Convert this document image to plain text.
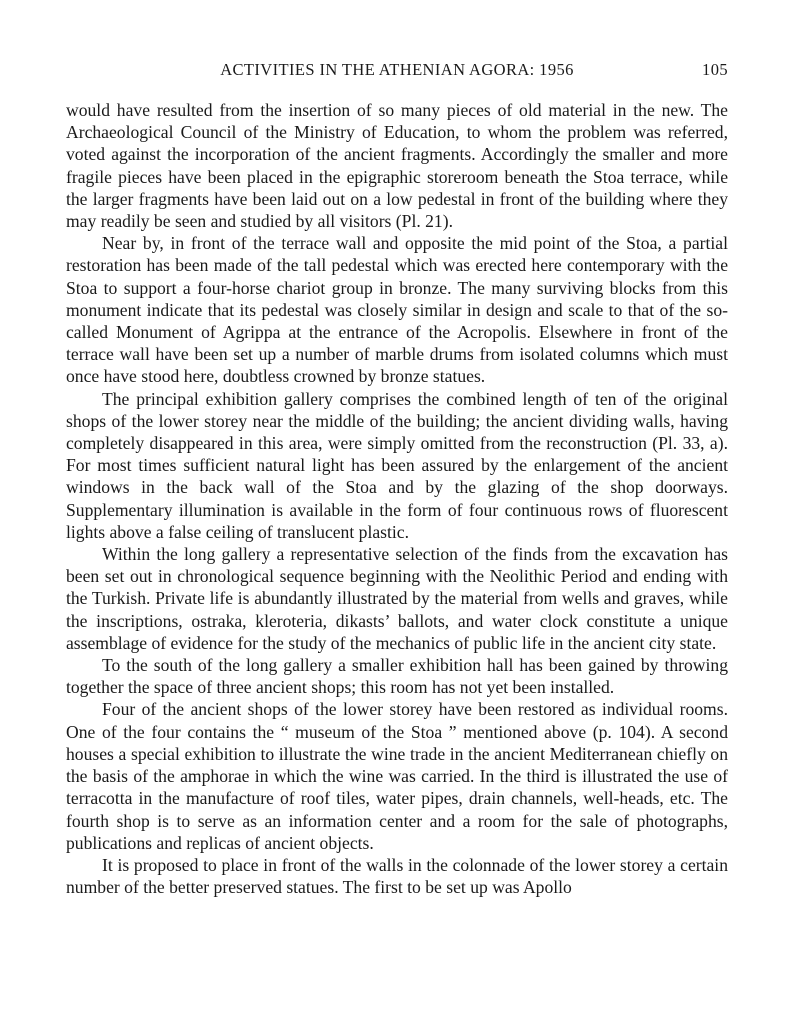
ACTIVITIES IN THE ATHENIAN AGORA: 1956	105

would have resulted from the insertion of so many pieces of old material in the new. The Archaeological Council of the Ministry of Education, to whom the problem was referred, voted against the incorporation of the ancient fragments. Accordingly the smaller and more fragile pieces have been placed in the epigraphic storeroom beneath the Stoa terrace, while the larger fragments have been laid out on a low pedestal in front of the building where they may readily be seen and studied by all visitors (Pl. 21).

Near by, in front of the terrace wall and opposite the mid point of the Stoa, a partial restoration has been made of the tall pedestal which was erected here contemporary with the Stoa to support a four-horse chariot group in bronze. The many surviving blocks from this monument indicate that its pedestal was closely similar in design and scale to that of the so-called Monument of Agrippa at the entrance of the Acropolis. Elsewhere in front of the terrace wall have been set up a number of marble drums from isolated columns which must once have stood here, doubtless crowned by bronze statues.

The principal exhibition gallery comprises the combined length of ten of the original shops of the lower storey near the middle of the building; the ancient dividing walls, having completely disappeared in this area, were simply omitted from the reconstruction (Pl. 33, a). For most times sufficient natural light has been assured by the enlargement of the ancient windows in the back wall of the Stoa and by the glazing of the shop doorways. Supplementary illumination is available in the form of four continuous rows of fluorescent lights above a false ceiling of translucent plastic.

Within the long gallery a representative selection of the finds from the excavation has been set out in chronological sequence beginning with the Neolithic Period and ending with the Turkish. Private life is abundantly illustrated by the material from wells and graves, while the inscriptions, ostraka, kleroteria, dikasts’ ballots, and water clock constitute a unique assemblage of evidence for the study of the mechanics of public life in the ancient city state.

To the south of the long gallery a smaller exhibition hall has been gained by throwing together the space of three ancient shops; this room has not yet been installed.

Four of the ancient shops of the lower storey have been restored as individual rooms. One of the four contains the “ museum of the Stoa ” mentioned above (p. 104). A second houses a special exhibition to illustrate the wine trade in the ancient Mediterranean chiefly on the basis of the amphorae in which the wine was carried. In the third is illustrated the use of terracotta in the manufacture of roof tiles, water pipes, drain channels, well-heads, etc. The fourth shop is to serve as an information center and a room for the sale of photographs, publications and replicas of ancient objects.

It is proposed to place in front of the walls in the colonnade of the lower storey a certain number of the better preserved statues. The first to be set up was Apollo
